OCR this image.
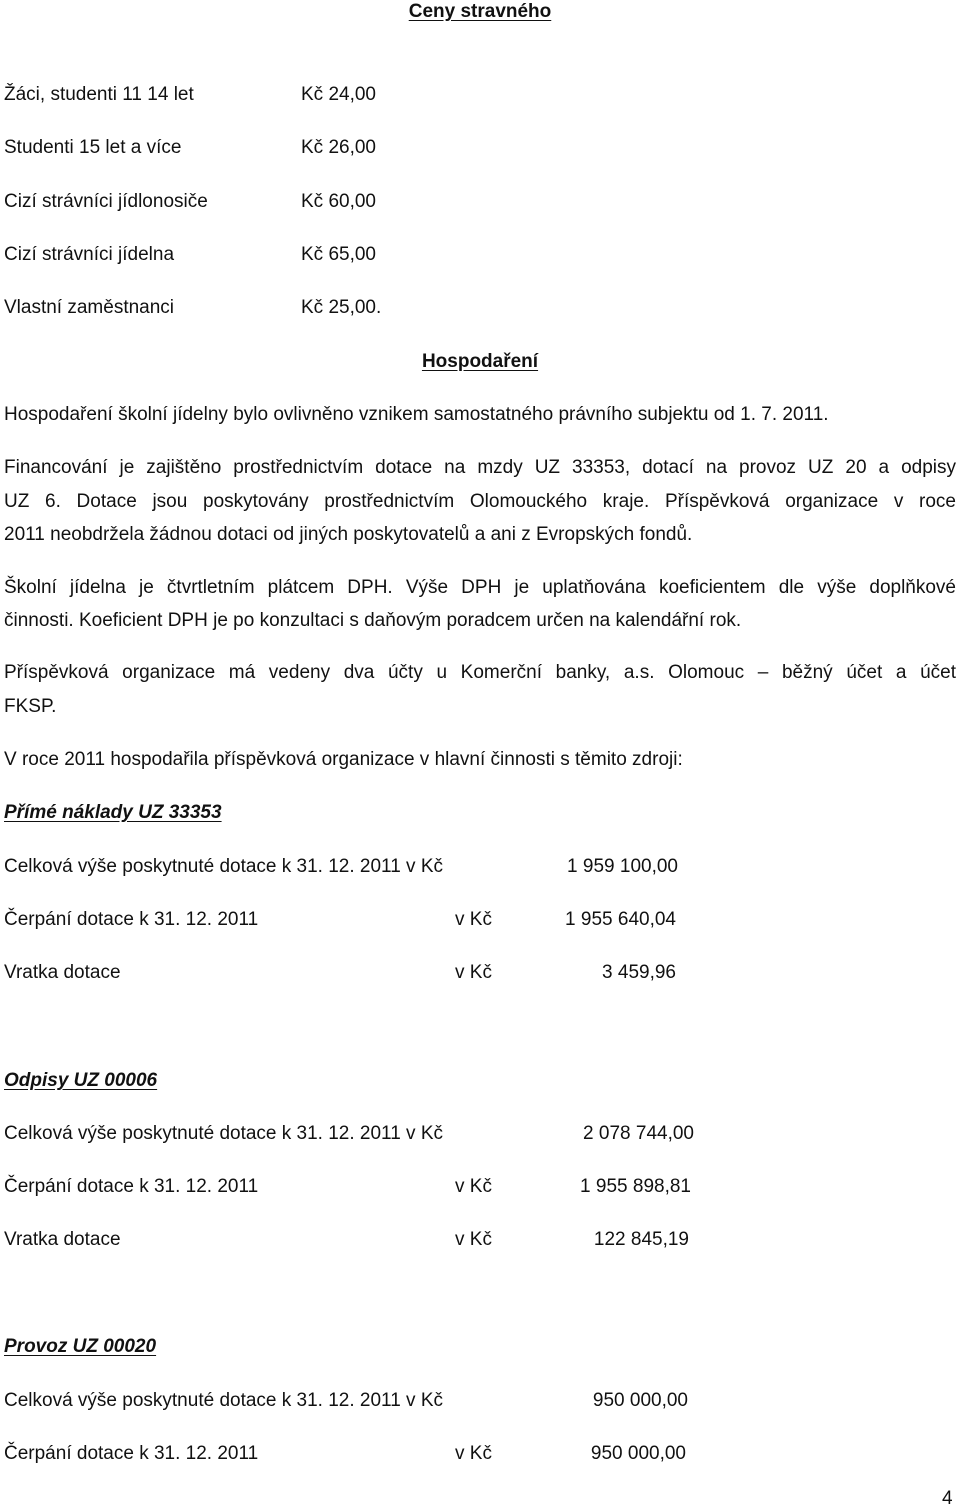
Ceny stravného
Žáci, studenti 11 14 let	Kč 24,00
Studenti 15 let a více	Kč 26,00
Cizí strávníci jídlonosiče	Kč 60,00
Cizí strávníci jídelna	Kč 65,00
Vlastní zaměstnanci	Kč 25,00.
Hospodaření
Hospodaření školní jídelny bylo ovlivněno vznikem samostatného právního subjektu od 1. 7. 2011.
Financování je zajištěno prostřednictvím dotace na mzdy UZ 33353, dotací na provoz UZ 20 a odpisy
UZ 6. Dotace jsou poskytovány prostřednictvím Olomouckého kraje. Příspěvková organizace v roce
2011 neobdržela žádnou dotaci od jiných poskytovatelů a ani z Evropských fondů.
Školní jídelna je čtvrtletním plátcem DPH. Výše DPH je uplatňována koeficientem dle výše doplňkové
činnosti. Koeficient DPH je po konzultaci s daňovým poradcem určen na kalendářní rok.
Příspěvková organizace má vedeny dva účty u Komerční banky, a.s. Olomouc – běžný účet a účet
FKSP.
V roce 2011 hospodařila příspěvková organizace v hlavní činnosti s těmito zdroji:
Přímé náklady UZ 33353
Celková výše poskytnuté dotace k 31. 12. 2011 v Kč	1 959 100,00
Čerpání dotace k 31. 12. 2011	v Kč	1 955 640,04
Vratka dotace	v Kč	3 459,96
Odpisy UZ 00006
Celková výše poskytnuté dotace k 31. 12. 2011 v Kč	2 078 744,00
Čerpání dotace k 31. 12. 2011	v Kč	1 955 898,81
Vratka dotace	v Kč	122 845,19
Provoz UZ 00020
Celková výše poskytnuté dotace k 31. 12. 2011 v Kč	950 000,00
Čerpání dotace k 31. 12. 2011	v Kč	950 000,00
4
